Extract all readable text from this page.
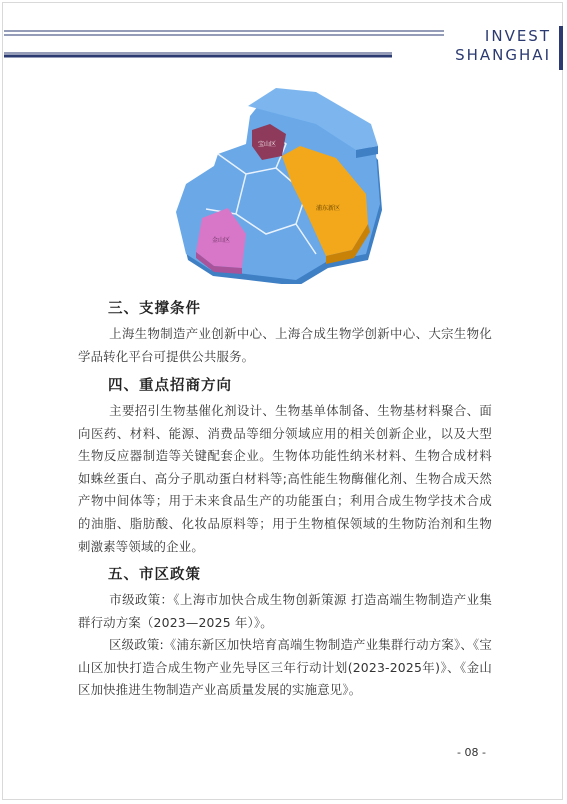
INVEST
SHANGHAI
宝山区
浦东新区
金山区
三、支撑条件

上海生物制造产业创新中心、上海合成生物学创新中心、大宗生物化学品转化平台可提供公共服务。

四、重点招商方向

主要招引生物基催化剂设计、生物基单体制备、生物基材料聚合、面向医药、材料、能源、消费品等细分领域应用的相关创新企业，以及大型生物反应器制造等关键配套企业。生物体功能性纳米材料、生物合成材料如蛛丝蛋白、高分子肌动蛋白材料等;高性能生物酶催化剂、生物合成天然产物中间体等；用于未来食品生产的功能蛋白；利用合成生物学技术合成的油脂、脂肪酸、化妆品原料等；用于生物植保领域的生物防治剂和生物刺激素等领域的企业。

五、市区政策

市级政策：《上海市加快合成生物创新策源 打造高端生物制造产业集群行动方案（2023—2025 年）》。

区级政策:《浦东新区加快培育高端生物制造产业集群行动方案》、《宝山区加快打造合成生物产业先导区三年行动计划(2023-2025年)》、《金山区加快推进生物制造产业高质量发展的实施意见》。

- 08 -
